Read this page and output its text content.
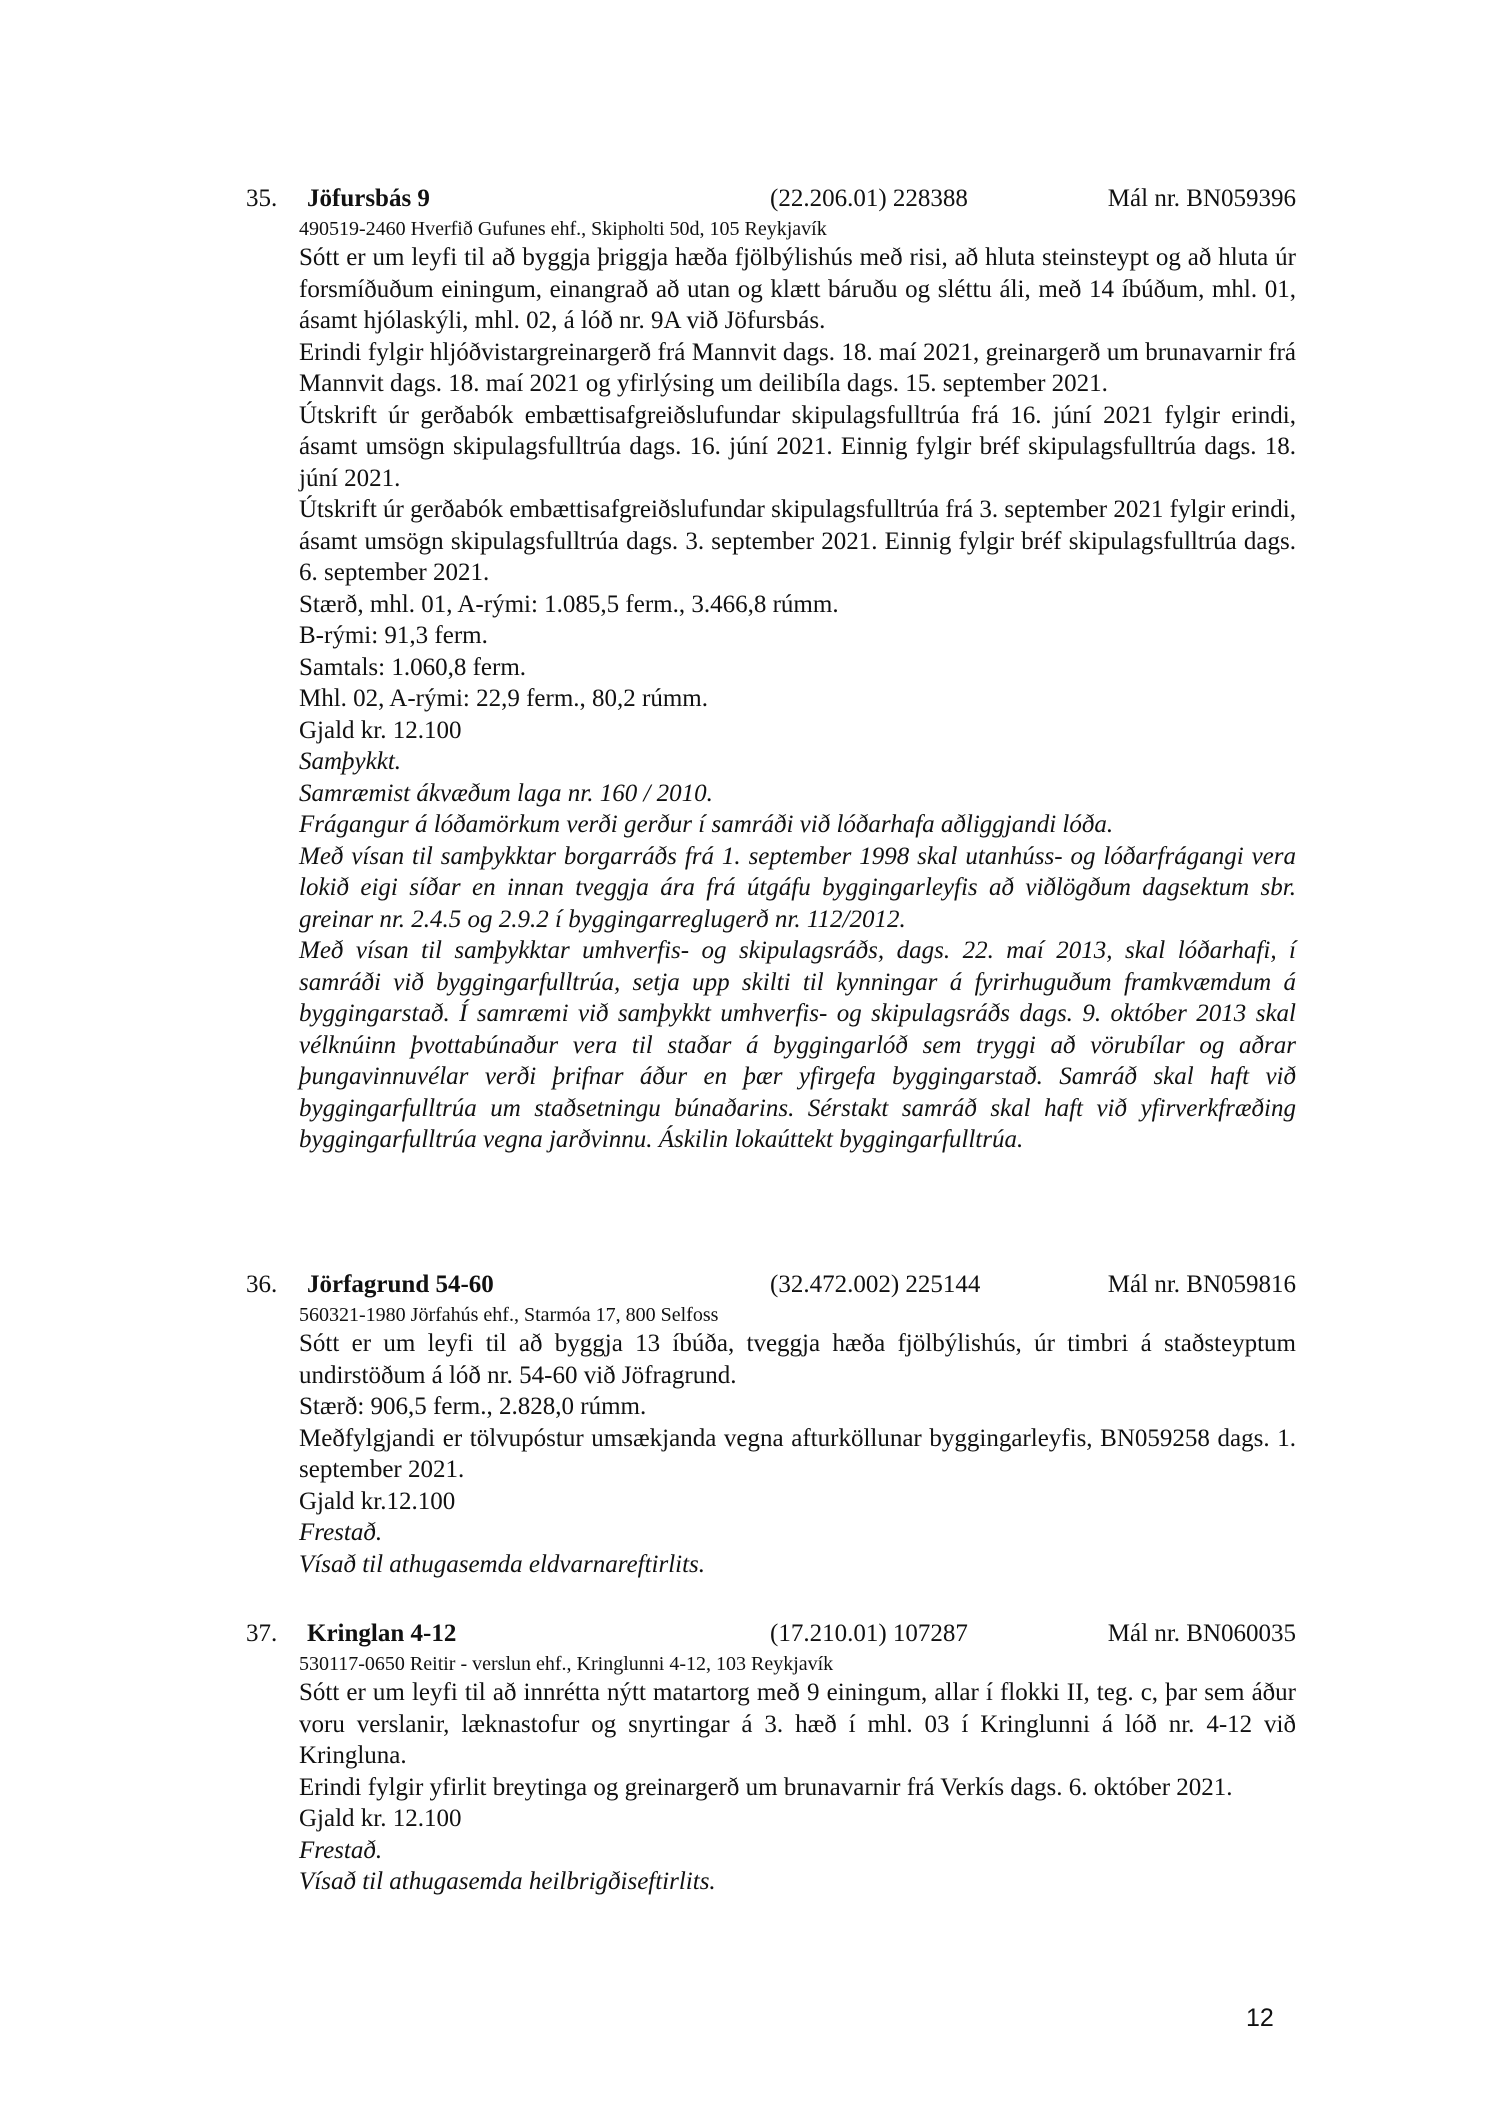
35. Jöfursbás 9	(22.206.01) 228388	Mál nr. BN059396
490519-2460 Hverfið Gufunes ehf., Skipholti 50d, 105 Reykjavík

Sótt er um leyfi til að byggja þriggja hæða fjölbýlishús með risi, að hluta steinsteypt og að hluta úr forsmíðuðum einingum, einangrað að utan og klætt báruðu og sléttu áli, með 14 íbúðum, mhl. 01, ásamt hjólaskýli, mhl. 02, á lóð nr. 9A við Jöfursbás.

Erindi fylgir hljóðvistargreinargerð frá Mannvit dags. 18. maí 2021, greinargerð um brunavarnir frá Mannvit dags. 18. maí 2021 og yfirlýsing um deilibíla dags. 15. september 2021.

Útskrift úr gerðabók embættisafgreiðslufundar skipulagsfulltrúa frá 16. júní 2021 fylgir erindi, ásamt umsögn skipulagsfulltrúa dags. 16. júní 2021. Einnig fylgir bréf skipulagsfulltrúa dags. 18. júní 2021.

Útskrift úr gerðabók embættisafgreiðslufundar skipulagsfulltrúa frá 3. september 2021 fylgir erindi, ásamt umsögn skipulagsfulltrúa dags. 3. september 2021. Einnig fylgir bréf skipulagsfulltrúa dags. 6. september 2021.

Stærð, mhl. 01, A-rými: 1.085,5 ferm., 3.466,8 rúmm.

B-rými: 91,3 ferm.

Samtals: 1.060,8 ferm.

Mhl. 02, A-rými: 22,9 ferm., 80,2 rúmm.

Gjald kr. 12.100

Samþykkt.

Samræmist ákvæðum laga nr. 160 / 2010.

Frágangur á lóðamörkum verði gerður í samráði við lóðarhafa aðliggjandi lóða.

Með vísan til samþykktar borgarráðs frá 1. september 1998 skal utanhúss- og lóðarfrágangi vera lokið eigi síðar en innan tveggja ára frá útgáfu byggingarleyfis að viðlögðum dagsektum sbr. greinar nr. 2.4.5 og 2.9.2 í byggingarreglugerð nr. 112/2012.

Með vísan til samþykktar umhverfis- og skipulagsráðs, dags. 22. maí 2013, skal lóðarhafi, í samráði við byggingarfulltrúa, setja upp skilti til kynningar á fyrirhuguðum framkvæmdum á byggingarstað. Í samræmi við samþykkt umhverfis- og skipulagsráðs dags. 9. október 2013 skal vélknúinn þvottabúnaður vera til staðar á byggingarlóð sem tryggi að vörubílar og aðrar þungavinnuvélar verði þrifnar áður en þær yfirgefa byggingarstað. Samráð skal haft við byggingarfulltrúa um staðsetningu búnaðarins. Sérstakt samráð skal haft við yfirverkfræðing byggingarfulltrúa vegna jarðvinnu. Áskilin lokaúttekt byggingarfulltrúa.

36. Jörfagrund 54-60	(32.472.002) 225144	Mál nr. BN059816
560321-1980 Jörfahús ehf., Starmóa 17, 800 Selfoss

Sótt er um leyfi til að byggja 13 íbúða, tveggja hæða fjölbýlishús, úr timbri á staðsteyptum undirstöðum á lóð nr. 54-60 við Jöfragrund.

Stærð: 906,5 ferm., 2.828,0 rúmm.

Meðfylgjandi er tölvupóstur umsækjanda vegna afturköllunar byggingarleyfis, BN059258 dags. 1. september 2021.

Gjald kr.12.100

Frestað.

Vísað til athugasemda eldvarnareftirlits.

37. Kringlan 4-12	(17.210.01) 107287	Mál nr. BN060035
530117-0650 Reitir - verslun ehf., Kringlunni 4-12, 103 Reykjavík

Sótt er um leyfi til að innrétta nýtt matartorg með 9 einingum, allar í flokki II, teg. c, þar sem áður voru verslanir, læknastofur og snyrtingar á 3. hæð í mhl. 03 í Kringlunni á lóð nr. 4-12 við Kringluna.

Erindi fylgir yfirlit breytinga og greinargerð um brunavarnir frá Verkís dags. 6. október 2021.

Gjald kr. 12.100

Frestað.

Vísað til athugasemda heilbrigðiseftirlits.

12
